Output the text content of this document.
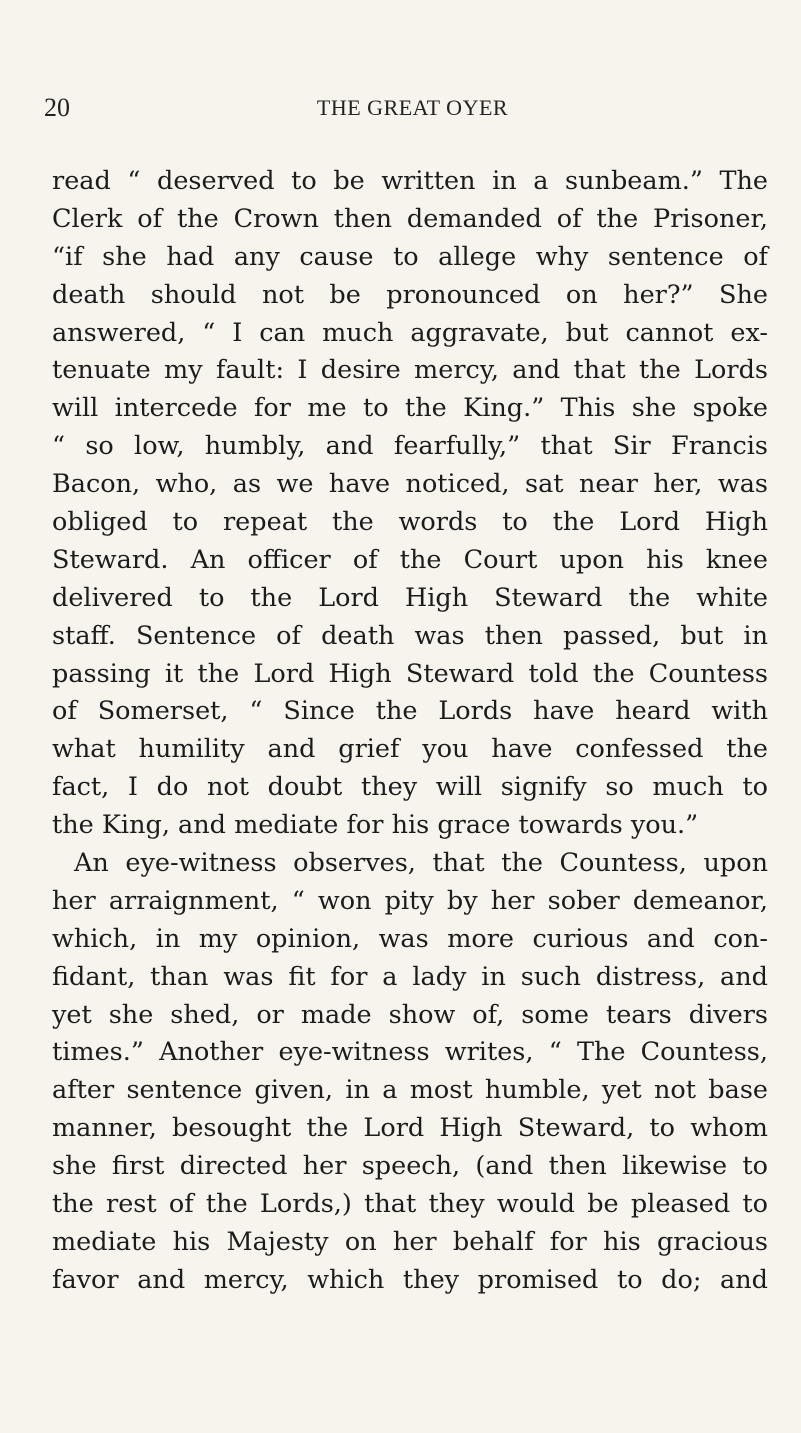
20	THE GREAT OYER
read “ deserved to be written in a sunbeam.” The
Clerk of the Crown then demanded of the Prisoner,
“if she had any cause to allege why sentence of
death should not be pronounced on her?” She
answered, “ I can much aggravate, but cannot ex-
tenuate my fault: I desire mercy, and that the Lords
will intercede for me to the King.” This she spoke
“ so low, humbly, and fearfully,” that Sir Francis
Bacon, who, as we have noticed, sat near her, was
obliged to repeat the words to the Lord High
Steward. An officer of the Court upon his knee
delivered to the Lord High Steward the white
staff. Sentence of death was then passed, but in
passing it the Lord High Steward told the Countess
of Somerset, “ Since the Lords have heard with
what humility and grief you have confessed the
fact, I do not doubt they will signify so much to
the King, and mediate for his grace towards you.”
An eye-witness observes, that the Countess, upon
her arraignment, “ won pity by her sober demeanor,
which, in my opinion, was more curious and con-
fidant, than was fit for a lady in such distress, and
yet she shed, or made show of, some tears divers
times.” Another eye-witness writes, “ The Countess,
after sentence given, in a most humble, yet not base
manner, besought the Lord High Steward, to whom
she first directed her speech, (and then likewise to
the rest of the Lords,) that they would be pleased to
mediate his Majesty on her behalf for his gracious
favor and mercy, which they promised to do; and
